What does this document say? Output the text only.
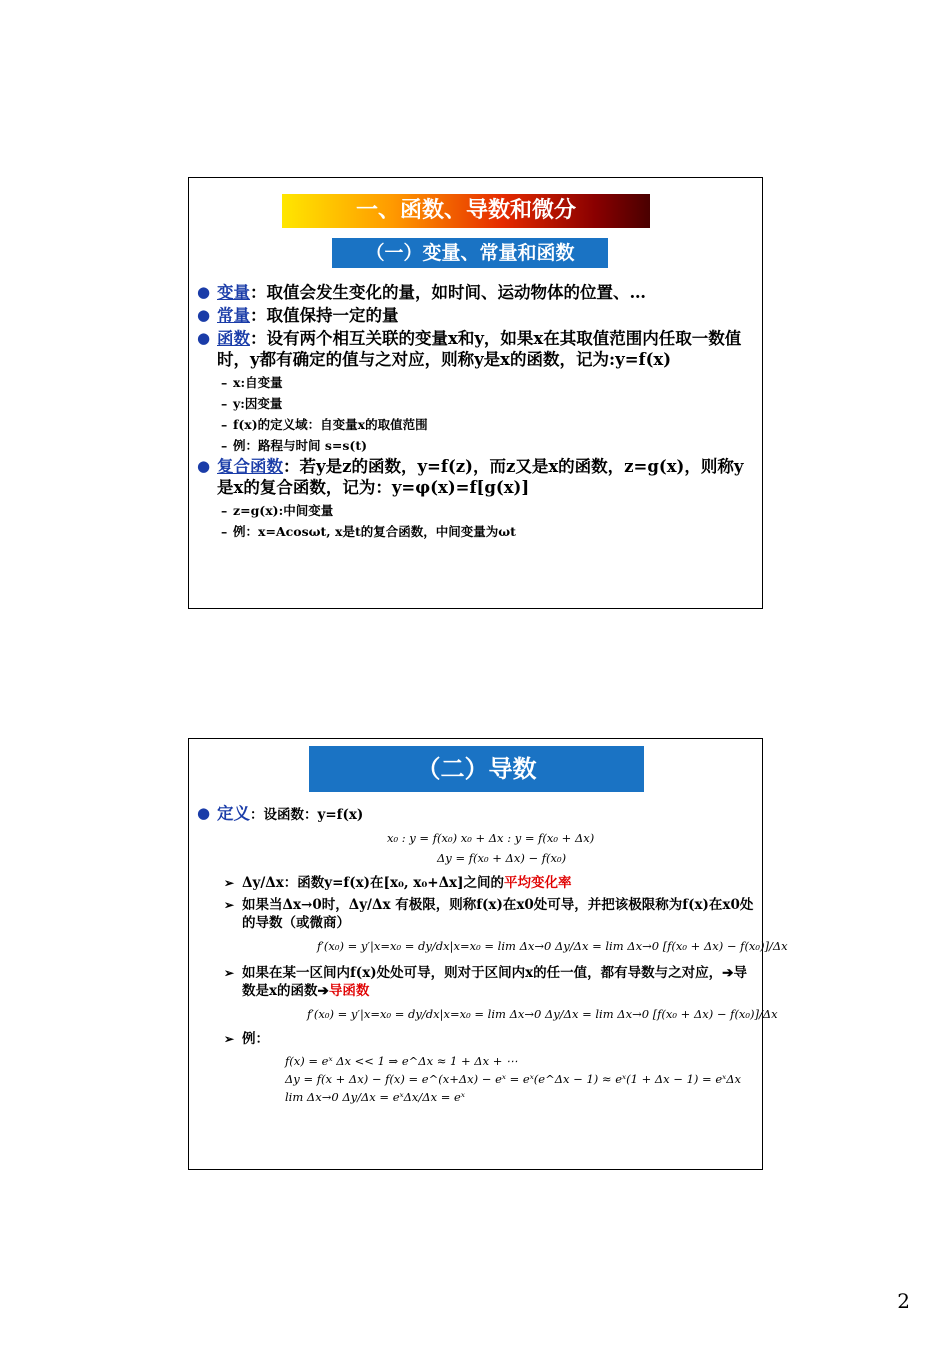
一、函数、导数和微分
（一）变量、常量和函数
● 变量：取值会发生变化的量，如时间、运动物体的位置、…
● 常量：取值保持一定的量
● 函数：设有两个相互关联的变量x和y，如果x在其取值范围内任取一数值时，y都有确定的值与之对应，则称y是x的函数，记为:y=f(x)
– x:自变量
– y:因变量
– f(x)的定义域：自变量x的取值范围
– 例：路程与时间 s=s(t)
● 复合函数：若y是z的函数，y=f(z)，而z又是x的函数，z=g(x)，则称y是x的复合函数，记为：y=φ(x)=f[g(x)]
– z=g(x):中间变量
– 例：x=Acosωt, x是t的复合函数，中间变量为ωt
（二）导数
● 定义：设函数：y=f(x)
x₀ : y = f(x₀) x₀ + Δx : y = f(x₀ + Δx)
Δy = f(x₀ + Δx) − f(x₀)
➢ Δy/Δx：函数y=f(x)在[x₀, x₀+Δx]之间的平均变化率
➢ 如果当Δx→0时，Δy/Δx 有极限，则称f(x)在x0处可导，并把该极限称为f(x)在x0处的导数（或微商）
f′(x₀) = y′|x=x₀ = dy/dx|x=x₀ = lim Δx→0 Δy/Δx = lim Δx→0 [f(x₀ + Δx) − f(x₀)]/Δx
➢ 如果在某一区间内f(x)处处可导，则对于区间内x的任一值，都有导数与之对应，➔导数是x的函数➔导函数
f′(x₀) = y′|x=x₀ = dy/dx|x=x₀ = lim Δx→0 Δy/Δx = lim Δx→0 [f(x₀ + Δx) − f(x₀)]/Δx
➢ 例：
f(x) = eˣ Δx << 1 ⇒ e^Δx ≈ 1 + Δx + ⋯
Δy = f(x + Δx) − f(x) = e^(x+Δx) − eˣ = eˣ(e^Δx − 1) ≈ eˣ(1 + Δx − 1) = eˣΔx
lim Δx→0 Δy/Δx = eˣΔx/Δx = eˣ
2
